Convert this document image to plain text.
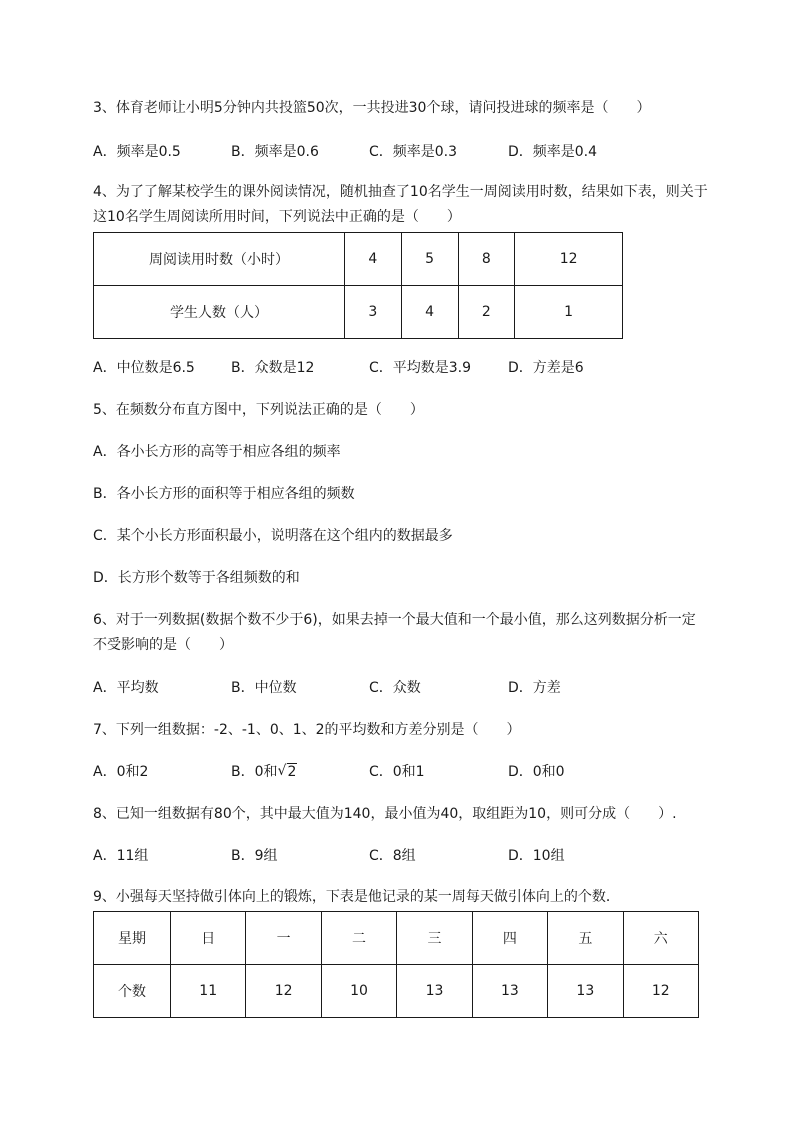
3、体育老师让小明5分钟内共投篮50次，一共投进30个球，请问投进球的频率是（　　）
A．频率是0.5	B．频率是0.6	C．频率是0.3	D．频率是0.4
4、为了了解某校学生的课外阅读情况，随机抽查了10名学生一周阅读用时数，结果如下表，则关于
这10名学生周阅读所用时间，下列说法中正确的是（　　）
周阅读用时数（小时）	4	5	8	12
学生人数（人）	3	4	2	1
A．中位数是6.5	B．众数是12	C．平均数是3.9	D．方差是6
5、在频数分布直方图中，下列说法正确的是（　　）
A．各小长方形的高等于相应各组的频率
B．各小长方形的面积等于相应各组的频数
C．某个小长方形面积最小，说明落在这个组内的数据最多
D．长方形个数等于各组频数的和
6、对于一列数据(数据个数不少于6)，如果去掉一个最大值和一个最小值，那么这列数据分析一定
不受影响的是（　　）
A．平均数	B．中位数	C．众数	D．方差
7、下列一组数据：-2、-1、0、1、2的平均数和方差分别是（　　）
A．0和2	B．0和 √ 2	C．0和1	D．0和0
8、已知一组数据有80个，其中最大值为140，最小值为40，取组距为10，则可分成（　　）.
A．11组	B．9组	C．8组	D．10组
9、小强每天坚持做引体向上的锻炼，下表是他记录的某一周每天做引体向上的个数．
星期	日	一	二	三	四	五	六
个数	11	12	10	13	13	13	12
